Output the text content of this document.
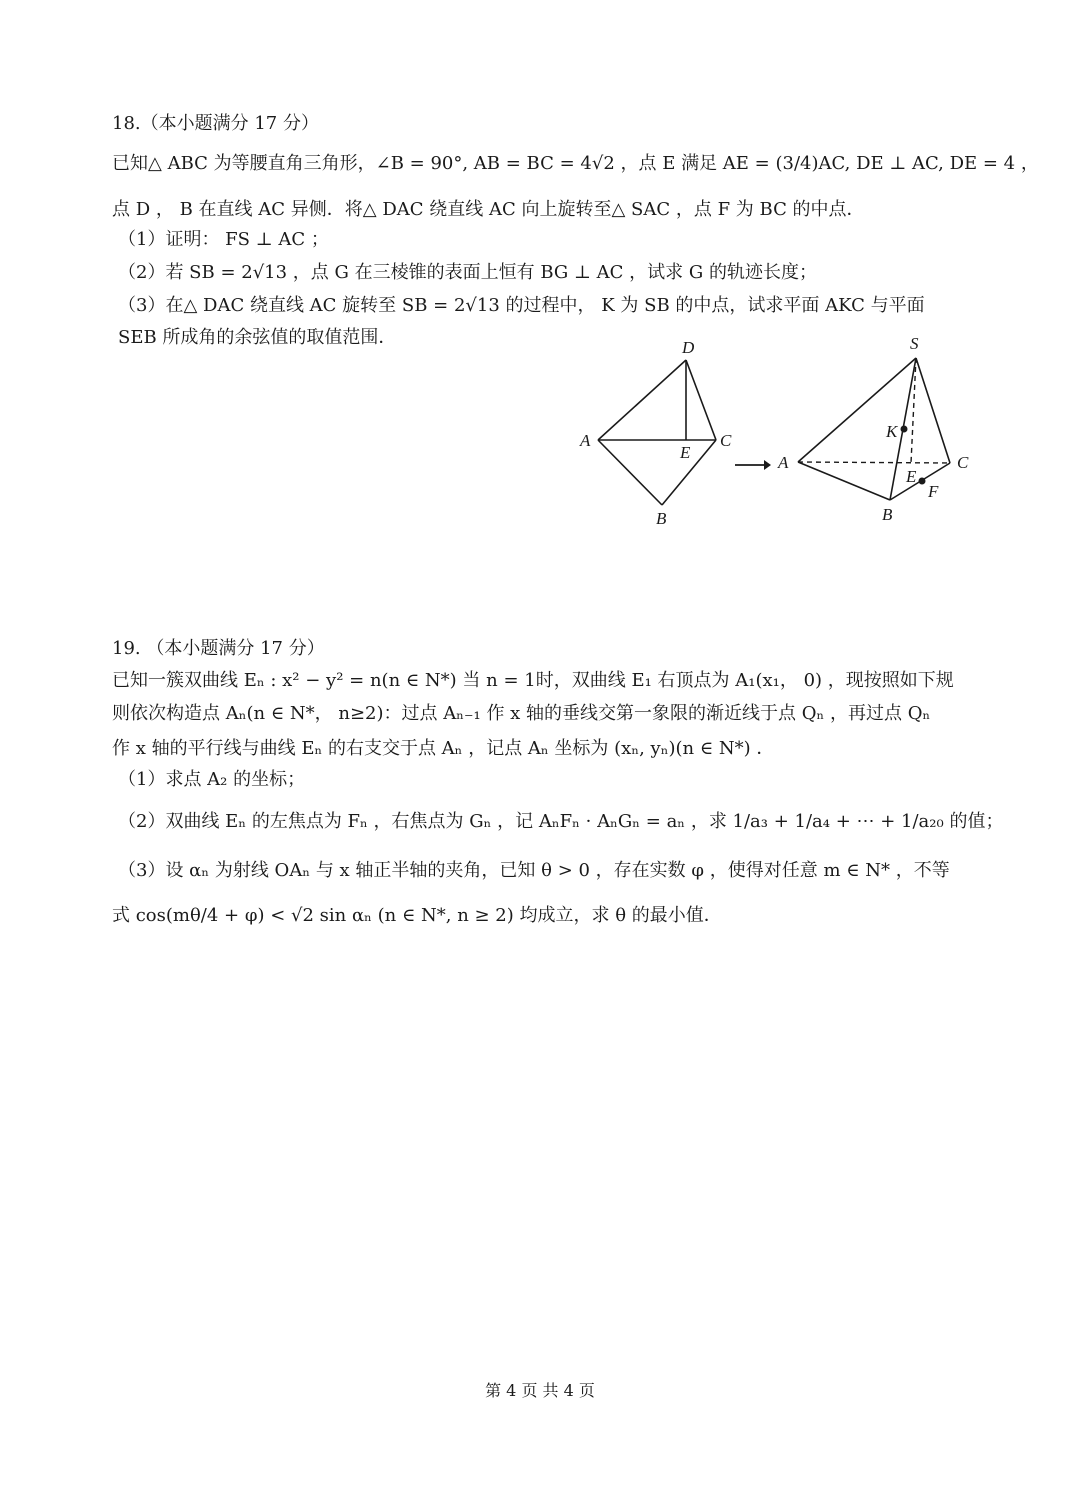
18.（本小题满分 17 分）
已知△ ABC 为等腰直角三角形，∠B = 90°, AB = BC = 4√2 ，点 E 满足 AE = (3/4)AC, DE ⊥ AC, DE = 4 ，
点 D ， B 在直线 AC 异侧．将△ DAC 绕直线 AC 向上旋转至△ SAC ，点 F 为 BC 的中点．
（1）证明： FS ⊥ AC ；
（2）若 SB = 2√13 ，点 G 在三棱锥的表面上恒有 BG ⊥ AC ，试求 G 的轨迹长度；
（3）在△ DAC 绕直线 AC 旋转至 SB = 2√13 的过程中， K 为 SB 的中点，试求平面 AKC 与平面
SEB 所成角的余弦值的取值范围．	D
A
E
C
B
S
K
A
E
C
F
B
19. （本小题满分 17 分）
已知一簇双曲线 Eₙ : x² − y² = n(n ∈ N*) 当 n = 1时，双曲线 E₁ 右顶点为 A₁(x₁， 0) ，现按照如下规
则依次构造点 Aₙ(n ∈ N*， n≥2)：过点 Aₙ₋₁ 作 x 轴的垂线交第一象限的渐近线于点 Qₙ ，再过点 Qₙ
作 x 轴的平行线与曲线 Eₙ 的右支交于点 Aₙ ，记点 Aₙ 坐标为 (xₙ, yₙ)(n ∈ N*) ．
（1）求点 A₂ 的坐标；
（2）双曲线 Eₙ 的左焦点为 Fₙ ，右焦点为 Gₙ ，记 AₙFₙ · AₙGₙ = aₙ ，求 1/a₃ + 1/a₄ + ⋯ + 1/a₂₀ 的值；
（3）设 αₙ 为射线 OAₙ 与 x 轴正半轴的夹角，已知 θ > 0 ，存在实数 φ ，使得对任意 m ∈ N* ，不等
式 cos(mθ/4 + φ) < √2 sin αₙ (n ∈ N*, n ≥ 2) 均成立，求 θ 的最小值．
第 4 页 共 4 页
